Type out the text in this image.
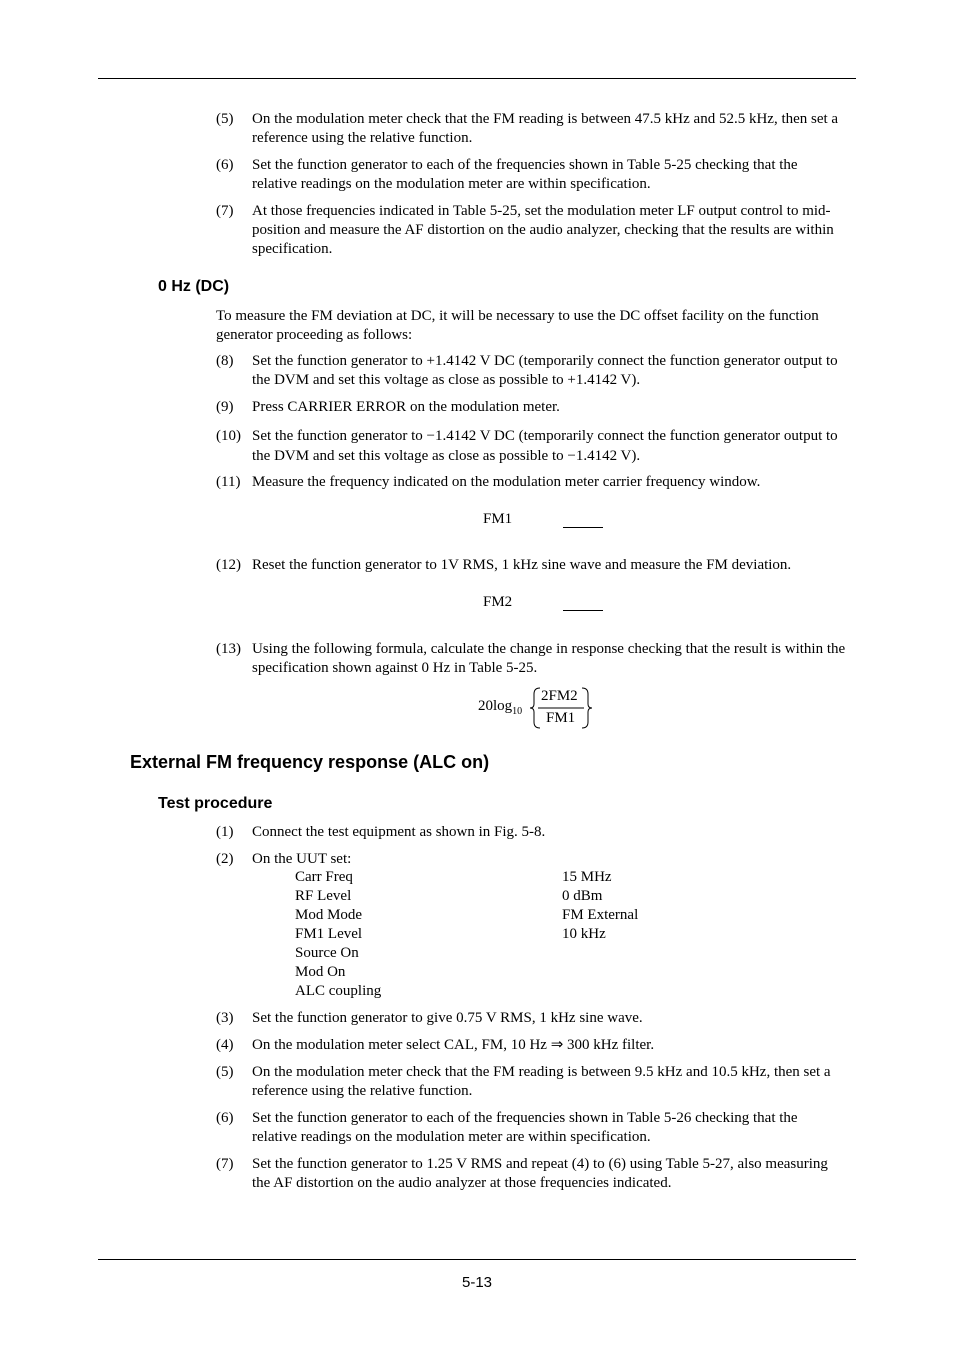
(5) On the modulation meter check that the FM reading is between 47.5 kHz and 52.5 kHz, then set a reference using the relative function.
(6) Set the function generator to each of the frequencies shown in Table 5-25 checking that the relative readings on the modulation meter are within specification.
(7) At those frequencies indicated in Table 5-25, set the modulation meter LF output control to mid-position and measure the AF distortion on the audio analyzer, checking that the results are within specification.
0 Hz (DC)
To measure the FM deviation at DC, it will be necessary to use the DC offset facility on the function generator proceeding as follows:
(8) Set the function generator to +1.4142 V DC (temporarily connect the function generator output to the DVM and set this voltage as close as possible to +1.4142 V).
(9) Press CARRIER ERROR on the modulation meter.
(10) Set the function generator to −1.4142 V DC (temporarily connect the function generator output to the DVM and set this voltage as close as possible to −1.4142 V).
(11) Measure the frequency indicated on the modulation meter carrier frequency window.
FM1
(12) Reset the function generator to 1V RMS, 1 kHz sine wave and measure the FM deviation.
FM2
(13) Using the following formula, calculate the change in response checking that the result is within the specification shown against 0 Hz in Table 5-25.
$20\log_{10}$
2FM2
FM1
External FM frequency response (ALC on)
Test procedure
(1) Connect the test equipment as shown in Fig. 5-8.
(2) On the UUT set:
Carr Freq
RF Level
Mod Mode
FM1 Level
Source On
Mod On
ALC coupling
15 MHz
0 dBm
FM External
10 kHz
(3) Set the function generator to give 0.75 V RMS, 1 kHz sine wave.
(4) On the modulation meter select CAL, FM, 10 Hz ⇒ 300 kHz filter.
(5) On the modulation meter check that the FM reading is between 9.5 kHz and 10.5 kHz, then set a reference using the relative function.
(6) Set the function generator to each of the frequencies shown in Table 5-26 checking that the relative readings on the modulation meter are within specification.
(7) Set the function generator to 1.25 V RMS and repeat (4) to (6) using Table 5-27, also measuring the AF distortion on the audio analyzer at those frequencies indicated.
5-13
